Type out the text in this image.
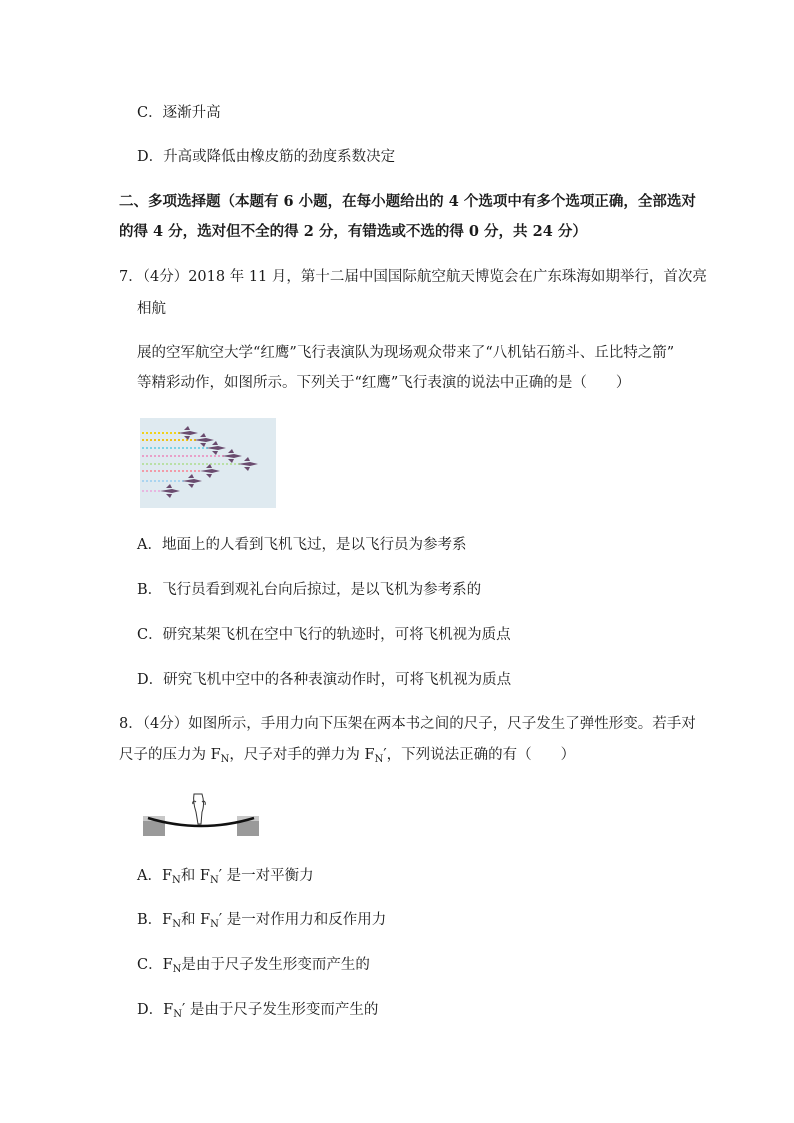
C．逐渐升高
D．升高或降低由橡皮筋的劲度系数决定
二、多项选择题（本题有 6 小题，在每小题给出的 4 个选项中有多个选项正确，全部选对
的得 4 分，选对但不全的得 2 分，有错选或不选的得 0 分，共 24 分）
7．（4分）2018 年 11 月，第十二届中国国际航空航天博览会在广东珠海如期举行，首次亮
相航
展的空军航空大学“红鹰”飞行表演队为现场观众带来了“八机钻石筋斗、丘比特之箭”
等精彩动作，如图所示。下列关于“红鹰”飞行表演的说法中正确的是（　　）
A．地面上的人看到飞机飞过，是以飞行员为参考系
B．飞行员看到观礼台向后掠过，是以飞机为参考系的
C．研究某架飞机在空中飞行的轨迹时，可将飞机视为质点
D．研究飞机中空中的各种表演动作时，可将飞机视为质点
8．（4分）如图所示，手用力向下压架在两本书之间的尺子，尺子发生了弹性形变。若手对
尺子的压力为 $F_N$，尺子对手的弹力为 $F_N'$，下列说法正确的有（　　）
A．$F_N$和 $F_N'$ 是一对平衡力
B．$F_N$和 $F_N'$ 是一对作用力和反作用力
C．$F_N$是由于尺子发生形变而产生的
D．$F_N'$ 是由于尺子发生形变而产生的
